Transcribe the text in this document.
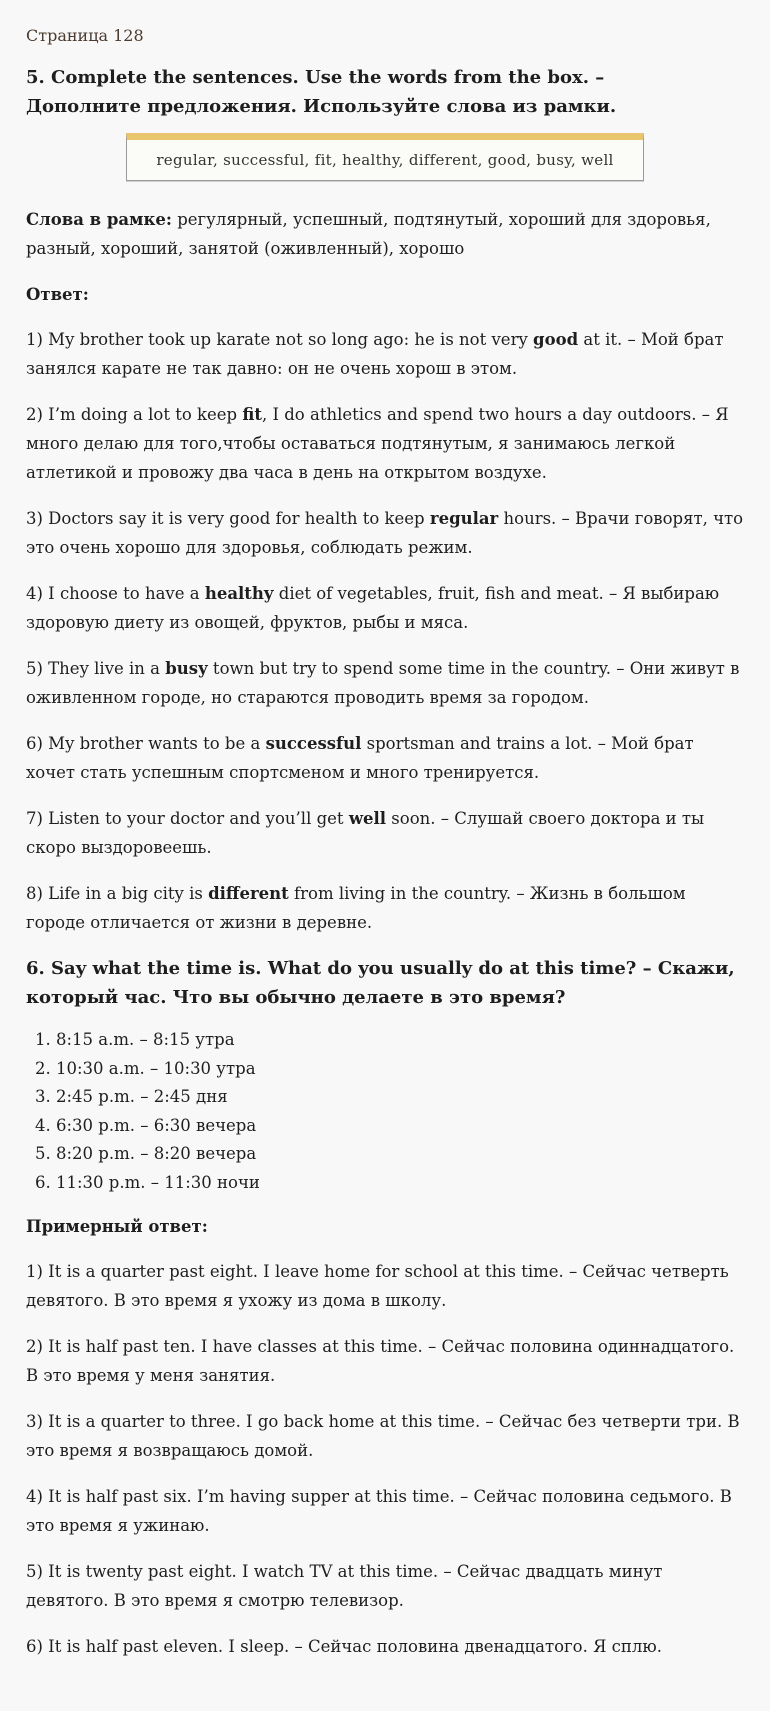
Страница 128
5. Complete the sentences. Use the words from the box. –
Дополните предложения. Используйте слова из рамки.
regular, successful, fit, healthy, different, good, busy, well

Слова в рамке: регулярный, успешный, подтянутый, хороший для здоровья, разный, хороший, занятой (оживленный), хорошо

Ответ:

1) My brother took up karate not so long ago: he is not very good at it. – Мой брат занялся карате не так давно: он не очень хорош в этом.

2) I’m doing a lot to keep fit, I do athletics and spend two hours a day outdoors. – Я много делаю для того,чтобы оставаться подтянутым, я занимаюсь легкой атлетикой и провожу два часа в день на открытом воздухе.

3) Doctors say it is very good for health to keep regular hours. – Врачи говорят, что это очень хорошо для здоровья, соблюдать режим.

4) I choose to have a healthy diet of vegetables, fruit, fish and meat. – Я выбираю здоровую диету из овощей, фруктов, рыбы и мяса.

5) They live in a busy town but try to spend some time in the country. – Они живут в оживленном городе, но стараются проводить время за городом.

6) My brother wants to be a successful sportsman and trains a lot. – Мой брат хочет стать успешным спортсменом и много тренируется.

7) Listen to your doctor and you’ll get well soon. – Слушай своего доктора и ты скоро выздоровеешь.

8) Life in a big city is different from living in the country. – Жизнь в большом городе отличается от жизни в деревне.

6. Say what the time is. What do you usually do at this time? – Скажи, который час. Что вы обычно делаете в это время?
1. 8:15 a.m. – 8:15 утра
2. 10:30 a.m. – 10:30 утра
3. 2:45 p.m. – 2:45 дня
4. 6:30 p.m. – 6:30 вечера
5. 8:20 p.m. – 8:20 вечера
6. 11:30 p.m. – 11:30 ночи
Примерный ответ:

1) It is a quarter past eight. I leave home for school at this time. – Сейчас четверть девятого. В это время я ухожу из дома в школу.

2) It is half past ten. I have classes at this time. – Сейчас половина одиннадцатого. В это время у меня занятия.

3) It is a quarter to three. I go back home at this time. – Сейчас без четверти три. В это время я возвращаюсь домой.

4) It is half past six. I’m having supper at this time. – Сейчас половина седьмого. В это время я ужинаю.

5) It is twenty past eight. I watch TV at this time. – Сейчас двадцать минут девятого. В это время я смотрю телевизор.

6) It is half past eleven. I sleep. – Сейчас половина двенадцатого. Я сплю.
